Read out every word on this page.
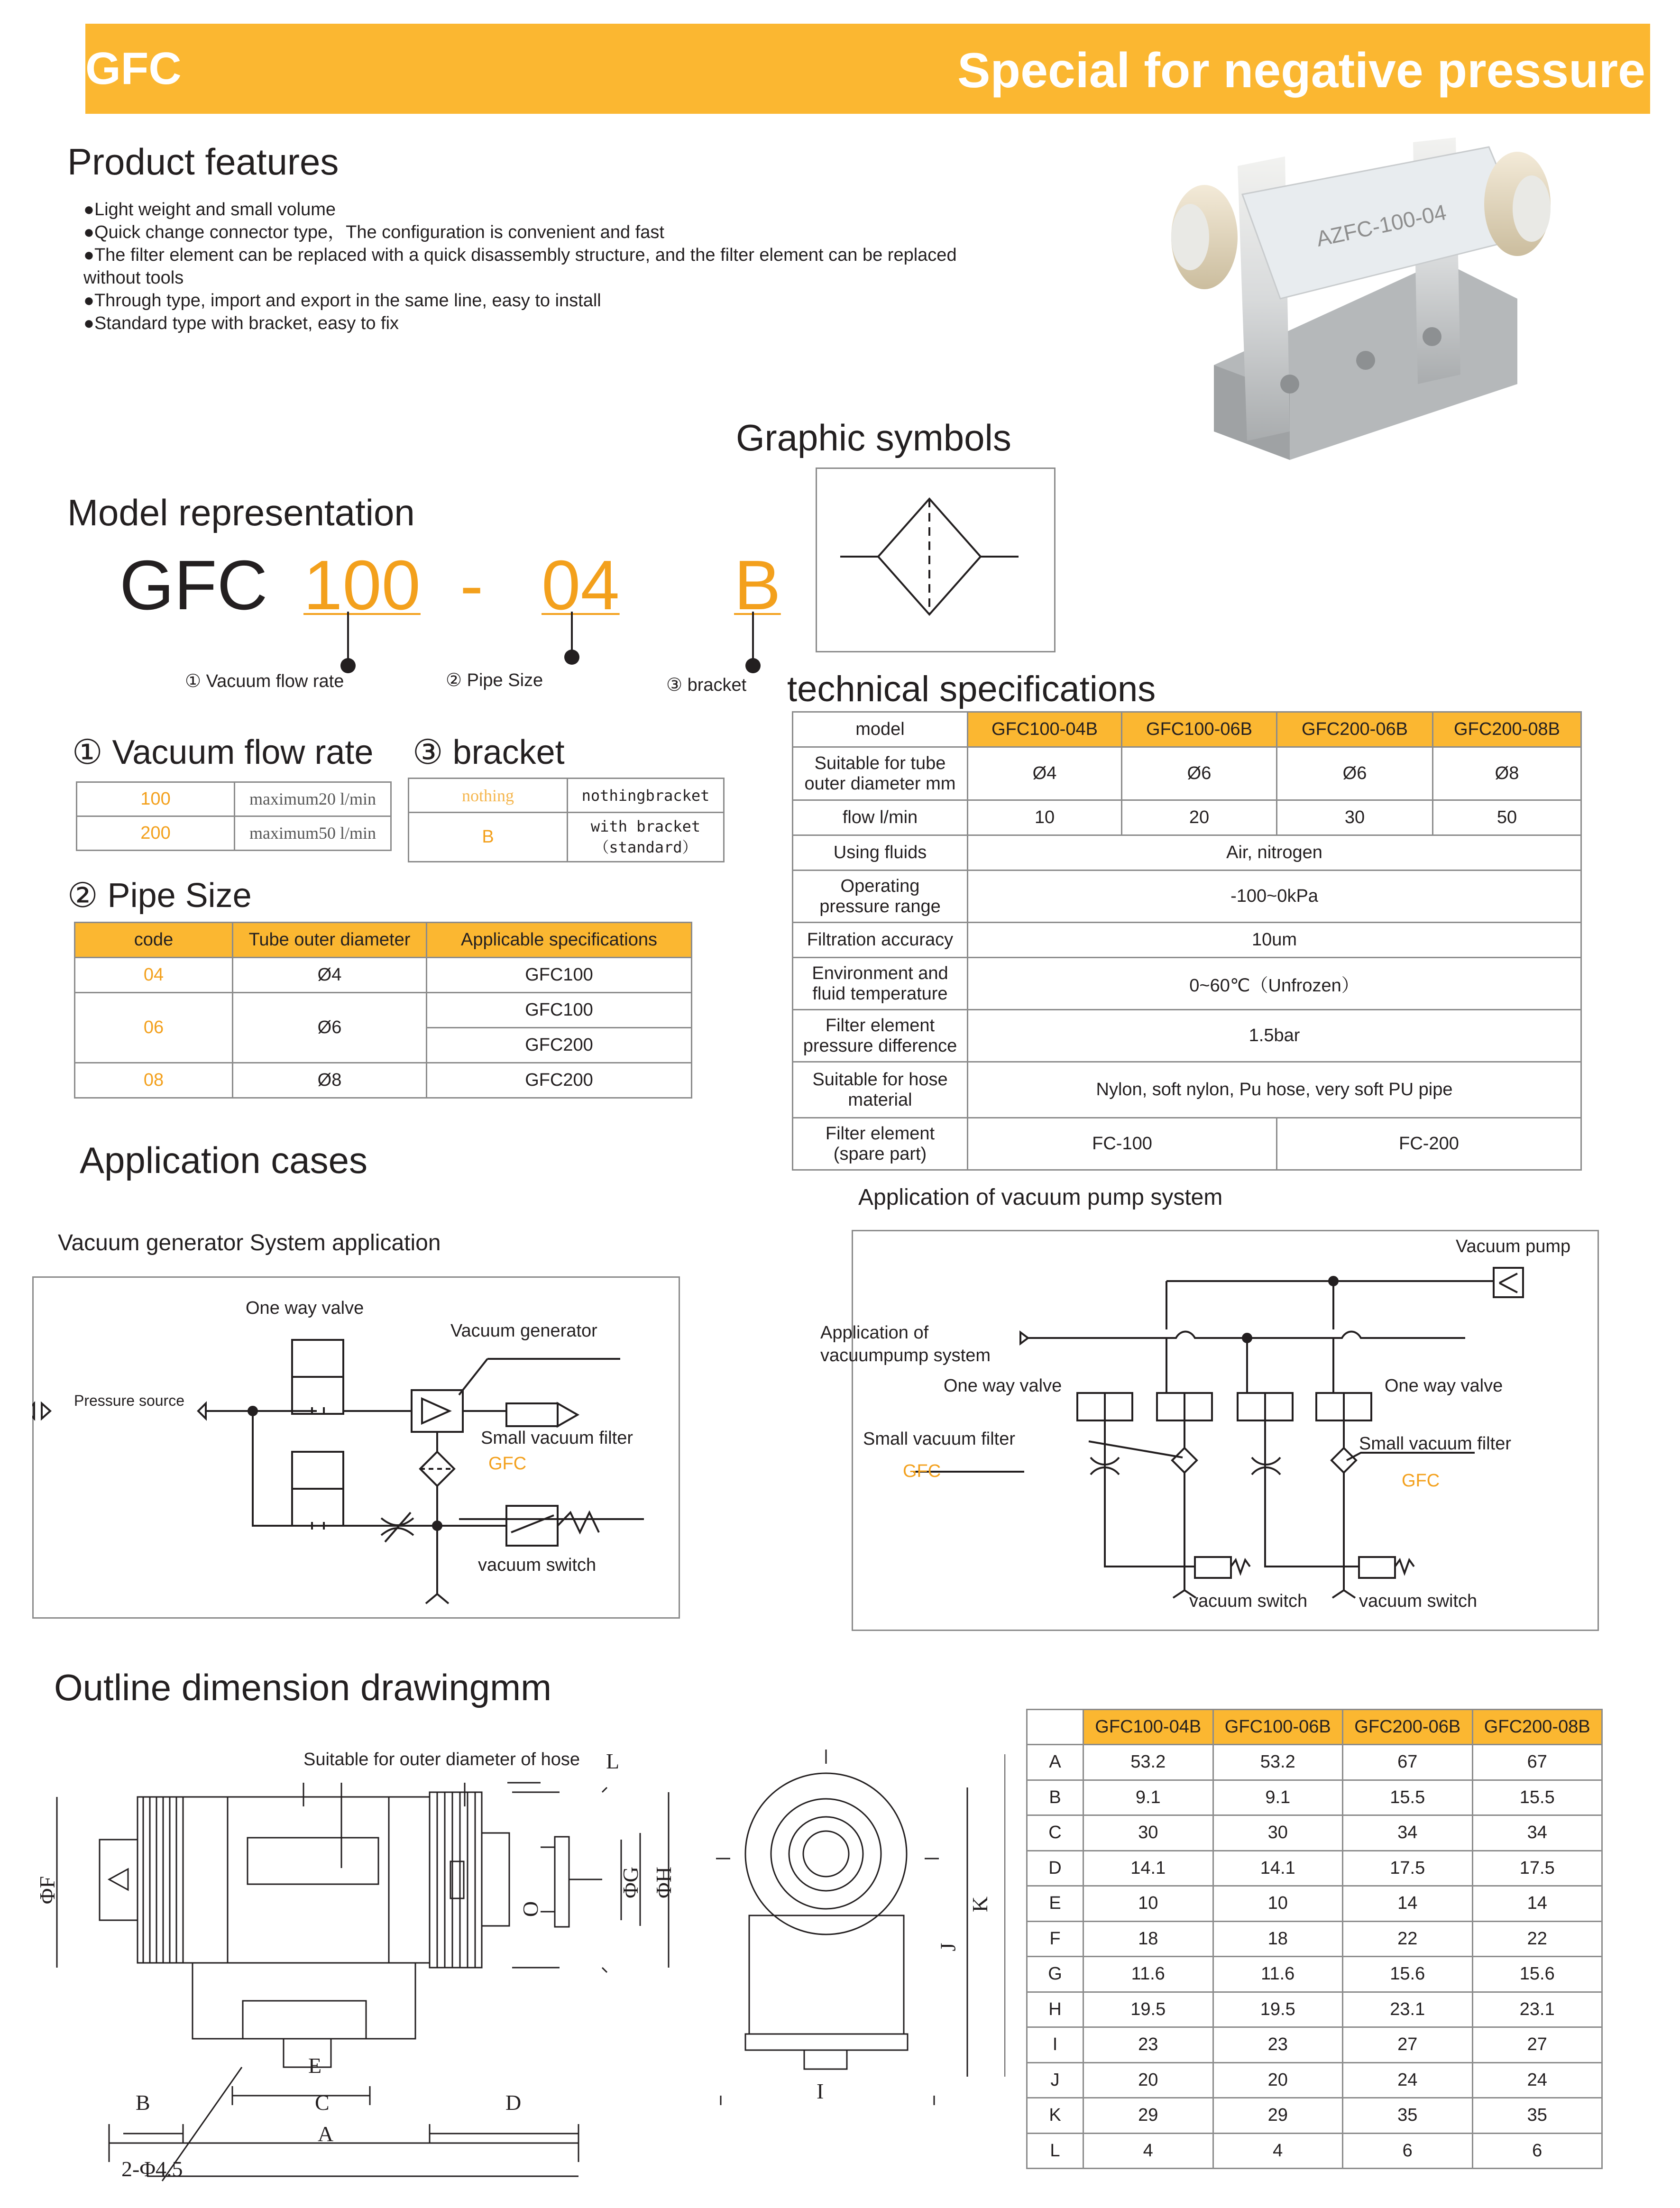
GFC	Special for negative pressure
Product features
●Light weight and small volume
●Quick change connector type，The configuration is convenient and fast
●The filter element can be replaced with a quick disassembly structure, and the filter element can be replaced
without tools
●Through type, import and export in the same line, easy to install
●Standard type with bracket, easy to fix
AZFC-100-04
Graphic symbols
Model representation
GFC 100 - 04 B
① Vacuum flow rate	② Pipe Size	③ bracket
① Vacuum flow rate
100	maximum20 l/min
200	maximum50 l/min
③ bracket
nothing	nothingbracket
B	with bracket
（standard）
② Pipe Size
code	Tube outer diameter	Applicable specifications
04	Ø4	GFC100
06	Ø6	GFC100
		GFC200
08	Ø8	GFC200
technical specifications
model	GFC100-04B	GFC100-06B	GFC200-06B	GFC200-08B

Suitable for tube
outer diameter mm	Ø4	Ø6	Ø6	Ø8
flow l/min	10	20	30	50
Using fluids	Air, nitrogen			

Operating
pressure range	-100~0kPa			
Filtration accuracy	10um			

Environment and
fluid temperature	0~60℃（Unfrozen）			

Filter element
pressure difference	1.5bar			

Suitable for hose
material	Nylon, soft nylon, Pu hose, very soft PU pipe			

Filter element
(spare part)	FC-100		FC-200	
Application cases
Application of vacuum pump system
Vacuum generator System application
One way valve
Vacuum generator
Pressure source
Small vacuum filter
GFC
vacuum switch
Vacuum pump
Application of
vacuumpump system
One way valve	One way valve
Small vacuum filter	Small vacuum filter
GFC	GFC
vacuum switch	vacuum switch
Outline dimension drawingmm
Suitable for outer diameter of hose
B	C	D
A
E
2-Φ4.5
L
ΦF	ΦG ΦH
O
I
J
K
	GFC100-04B	GFC100-06B	GFC200-06B	GFC200-08B
A	53.2	53.2	67	67
B	9.1	9.1	15.5	15.5
C	30	30	34	34
D	14.1	14.1	17.5	17.5
E	10	10	14	14
F	18	18	22	22
G	11.6	11.6	15.6	15.6
H	19.5	19.5	23.1	23.1
I	23	23	27	27
J	20	20	24	24
K	29	29	35	35
L	4	4	6	6
